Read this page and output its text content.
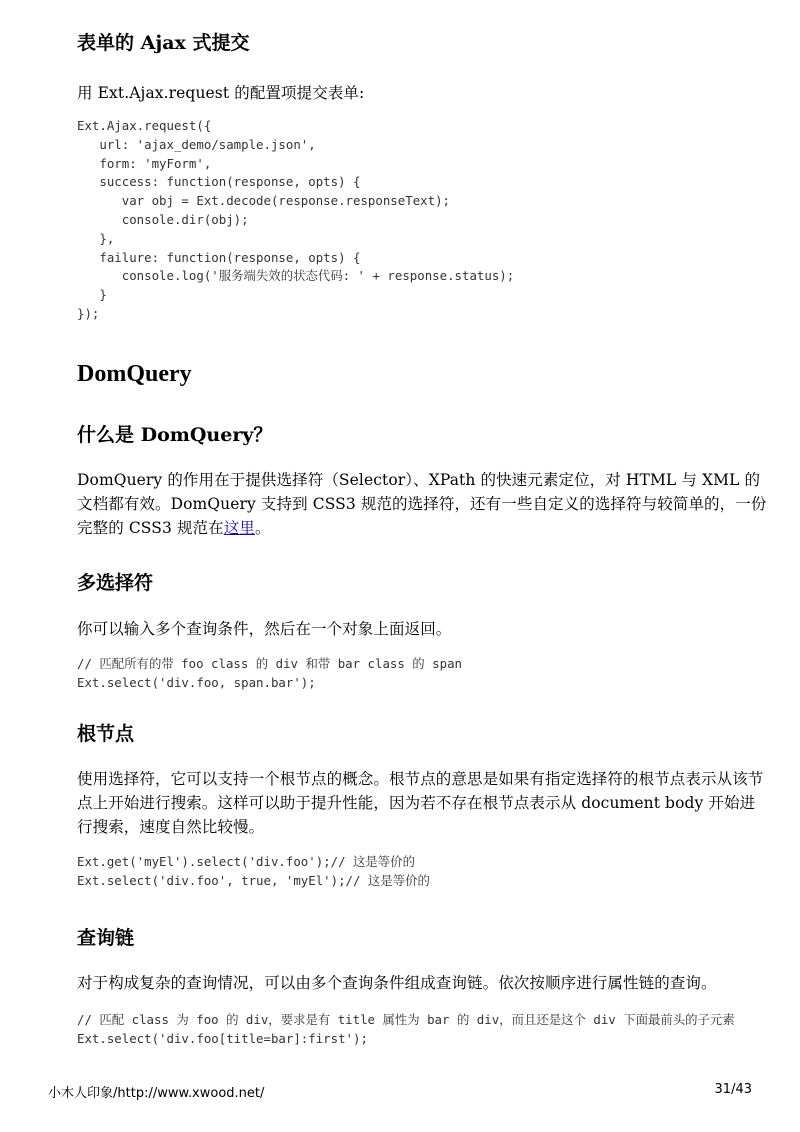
表单的 Ajax 式提交

用 Ext.Ajax.request 的配置项提交表单:

Ext.Ajax.request({
url: 'ajax_demo/sample.json',
form: 'myForm',
success: function(response, opts) {
var obj = Ext.decode(response.responseText);
console.dir(obj);
},
failure: function(response, opts) {
console.log('服务端失效的状态代码: ' + response.status);
}
});
DomQuery
什么是 DomQuery？

DomQuery 的作用在于提供选择符（Selector）、XPath 的快速元素定位，对 HTML 与 XML 的文档都有效。DomQuery 支持到 CSS3 规范的选择符，还有一些自定义的选择符与较简单的，一份完整的 CSS3 规范在这里。

多选择符

你可以输入多个查询条件，然后在一个对象上面返回。

// 匹配所有的带 foo class 的 div 和带 bar class 的 span
Ext.select('div.foo, span.bar');
根节点

使用选择符，它可以支持一个根节点的概念。根节点的意思是如果有指定选择符的根节点表示从该节点上开始进行搜索。这样可以助于提升性能，因为若不存在根节点表示从 document body 开始进行搜索，速度自然比较慢。

Ext.get('myEl').select('div.foo');// 这是等价的
Ext.select('div.foo', true, 'myEl');// 这是等价的
查询链

对于构成复杂的查询情况，可以由多个查询条件组成查询链。依次按顺序进行属性链的查询。

// 匹配 class 为 foo 的 div，要求是有 title 属性为 bar 的 div，而且还是这个 div 下面最前头的子元素
Ext.select('div.foo[title=bar]:first');
小木人印象/http://www.xwood.net/	31/43
